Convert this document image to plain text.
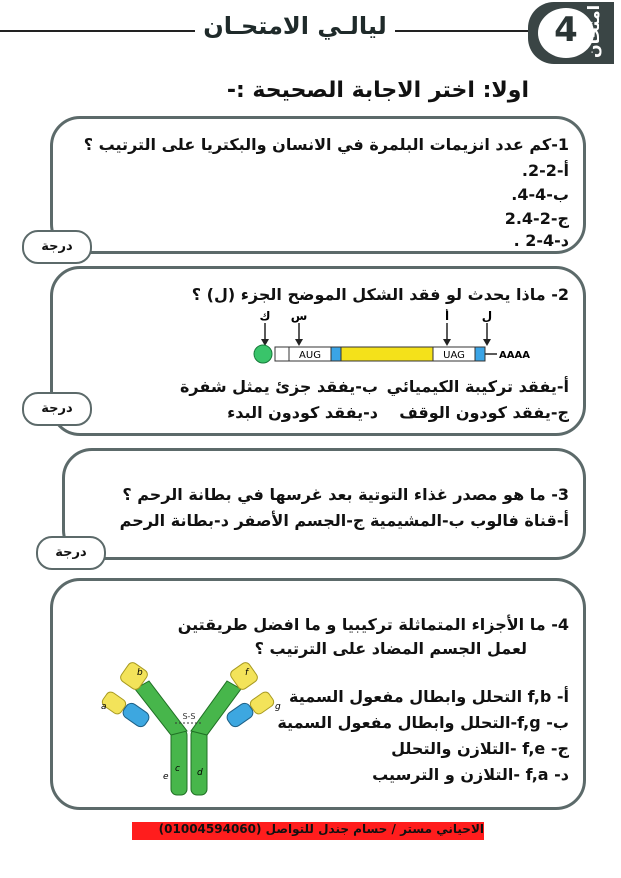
ليالـي الامتحـان	4 امتحان
اولا: اختر الاجابة الصحيحة :-
1-كم عدد انزيمات البلمرة في الانسان والبكتريا على الترتيب ؟
أ-2-2.
ب-4-4.
ج-2-2.4
د-4-2 .
درجة
2- ماذا يحدث لو فقد الشكل الموضح الجزء (ل) ؟
ك س	ل
أ
AUG	UAG	AAAA
أ-يفقد تركيبة الكيميائي
ب-يفقد جزئ يمثل شفرة
ج-يفقد كودون الوقف
د-يفقد كودون البدء
درجة
3- ما هو مصدر غذاء التوتية بعد غرسها في بطانة الرحم ؟
أ-قناة فالوب ب-المشيمية ج-الجسم الأصفر د-بطانة الرحم
درجة
4- ما الأجزاء المتماثلة تركيبيا و ما افضل طريقتين
لعمل الجسم المضاد على الترتيب ؟
S-S
b
a
e
c d
f
g
أ- f,b التحلل وابطال مفعول السمية
ب- f,g-التحلل وابطال مفعول السمية
ج- f,e -التلازن والتحلل
د- f,a -التلازن و الترسيب
الاحياني مستر / حسام جندل للتواصل (01004594060)
